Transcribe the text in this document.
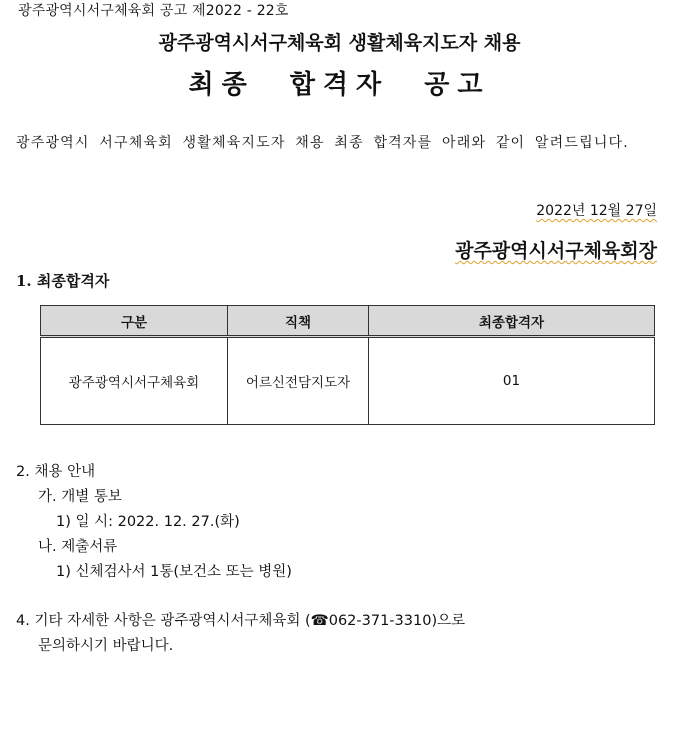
광주광역시서구체육회 공고 제2022 - 22호
광주광역시서구체육회 생활체육지도자 채용
최종 합격자 공고
광주광역시 서구체육회 생활체육지도자 채용 최종 합격자를 아래와 같이 알려드립니다.
2022년 12월 27일
광주광역시서구체육회장
1. 최종합격자
구분	직책	최종합격자
광주광역시서구체육회	어르신전담지도자	01
2. 채용 안내
가. 개별 통보
1) 일 시: 2022. 12. 27.(화)
나. 제출서류
1) 신체검사서 1통(보건소 또는 병원)
4. 기타 자세한 사항은 광주광역시서구체육회 (☎062-371-3310)으로
문의하시기 바랍니다.
